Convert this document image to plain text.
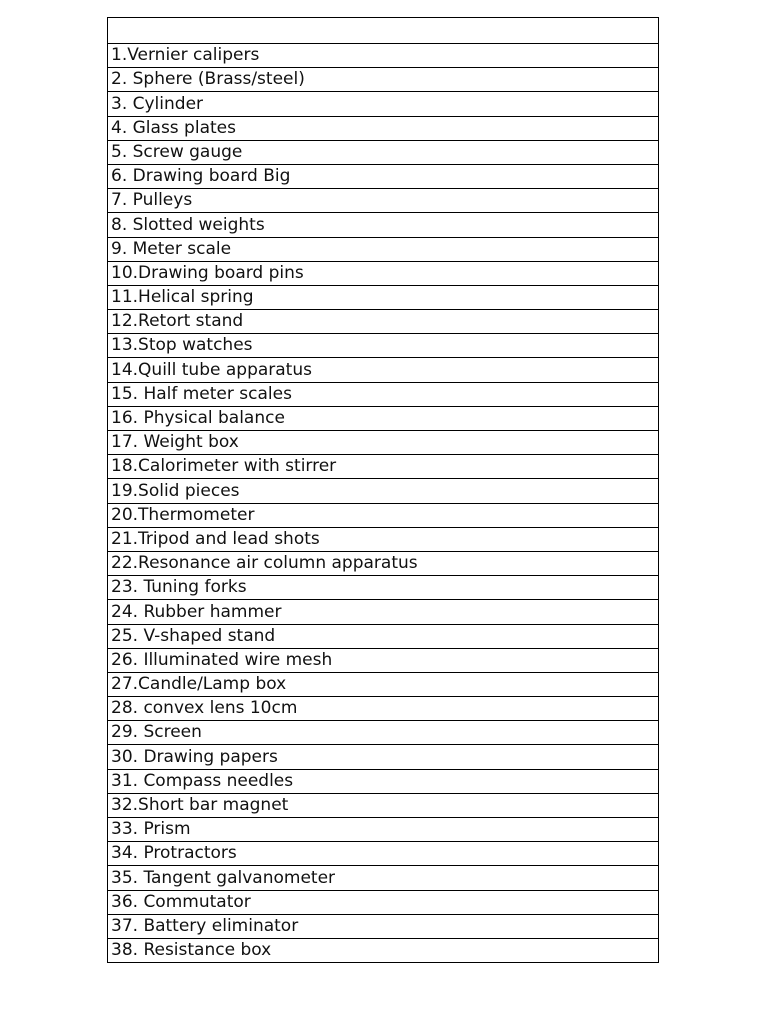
1.Vernier calipers
2. Sphere (Brass/steel)
3. Cylinder
4. Glass plates
5. Screw gauge
6. Drawing board Big
7. Pulleys
8. Slotted weights
9. Meter scale
10.Drawing board pins
11.Helical spring
12.Retort stand
13.Stop watches
14.Quill tube apparatus
15. Half meter scales
16. Physical balance
17. Weight box
18.Calorimeter with stirrer
19.Solid pieces
20.Thermometer
21.Tripod and lead shots
22.Resonance air column apparatus
23. Tuning forks
24. Rubber hammer
25. V-shaped stand
26. Illuminated wire mesh
27.Candle/Lamp box
28. convex lens 10cm
29. Screen
30. Drawing papers
31. Compass needles
32.Short bar magnet
33. Prism
34. Protractors
35. Tangent galvanometer
36. Commutator
37. Battery eliminator
38. Resistance box
